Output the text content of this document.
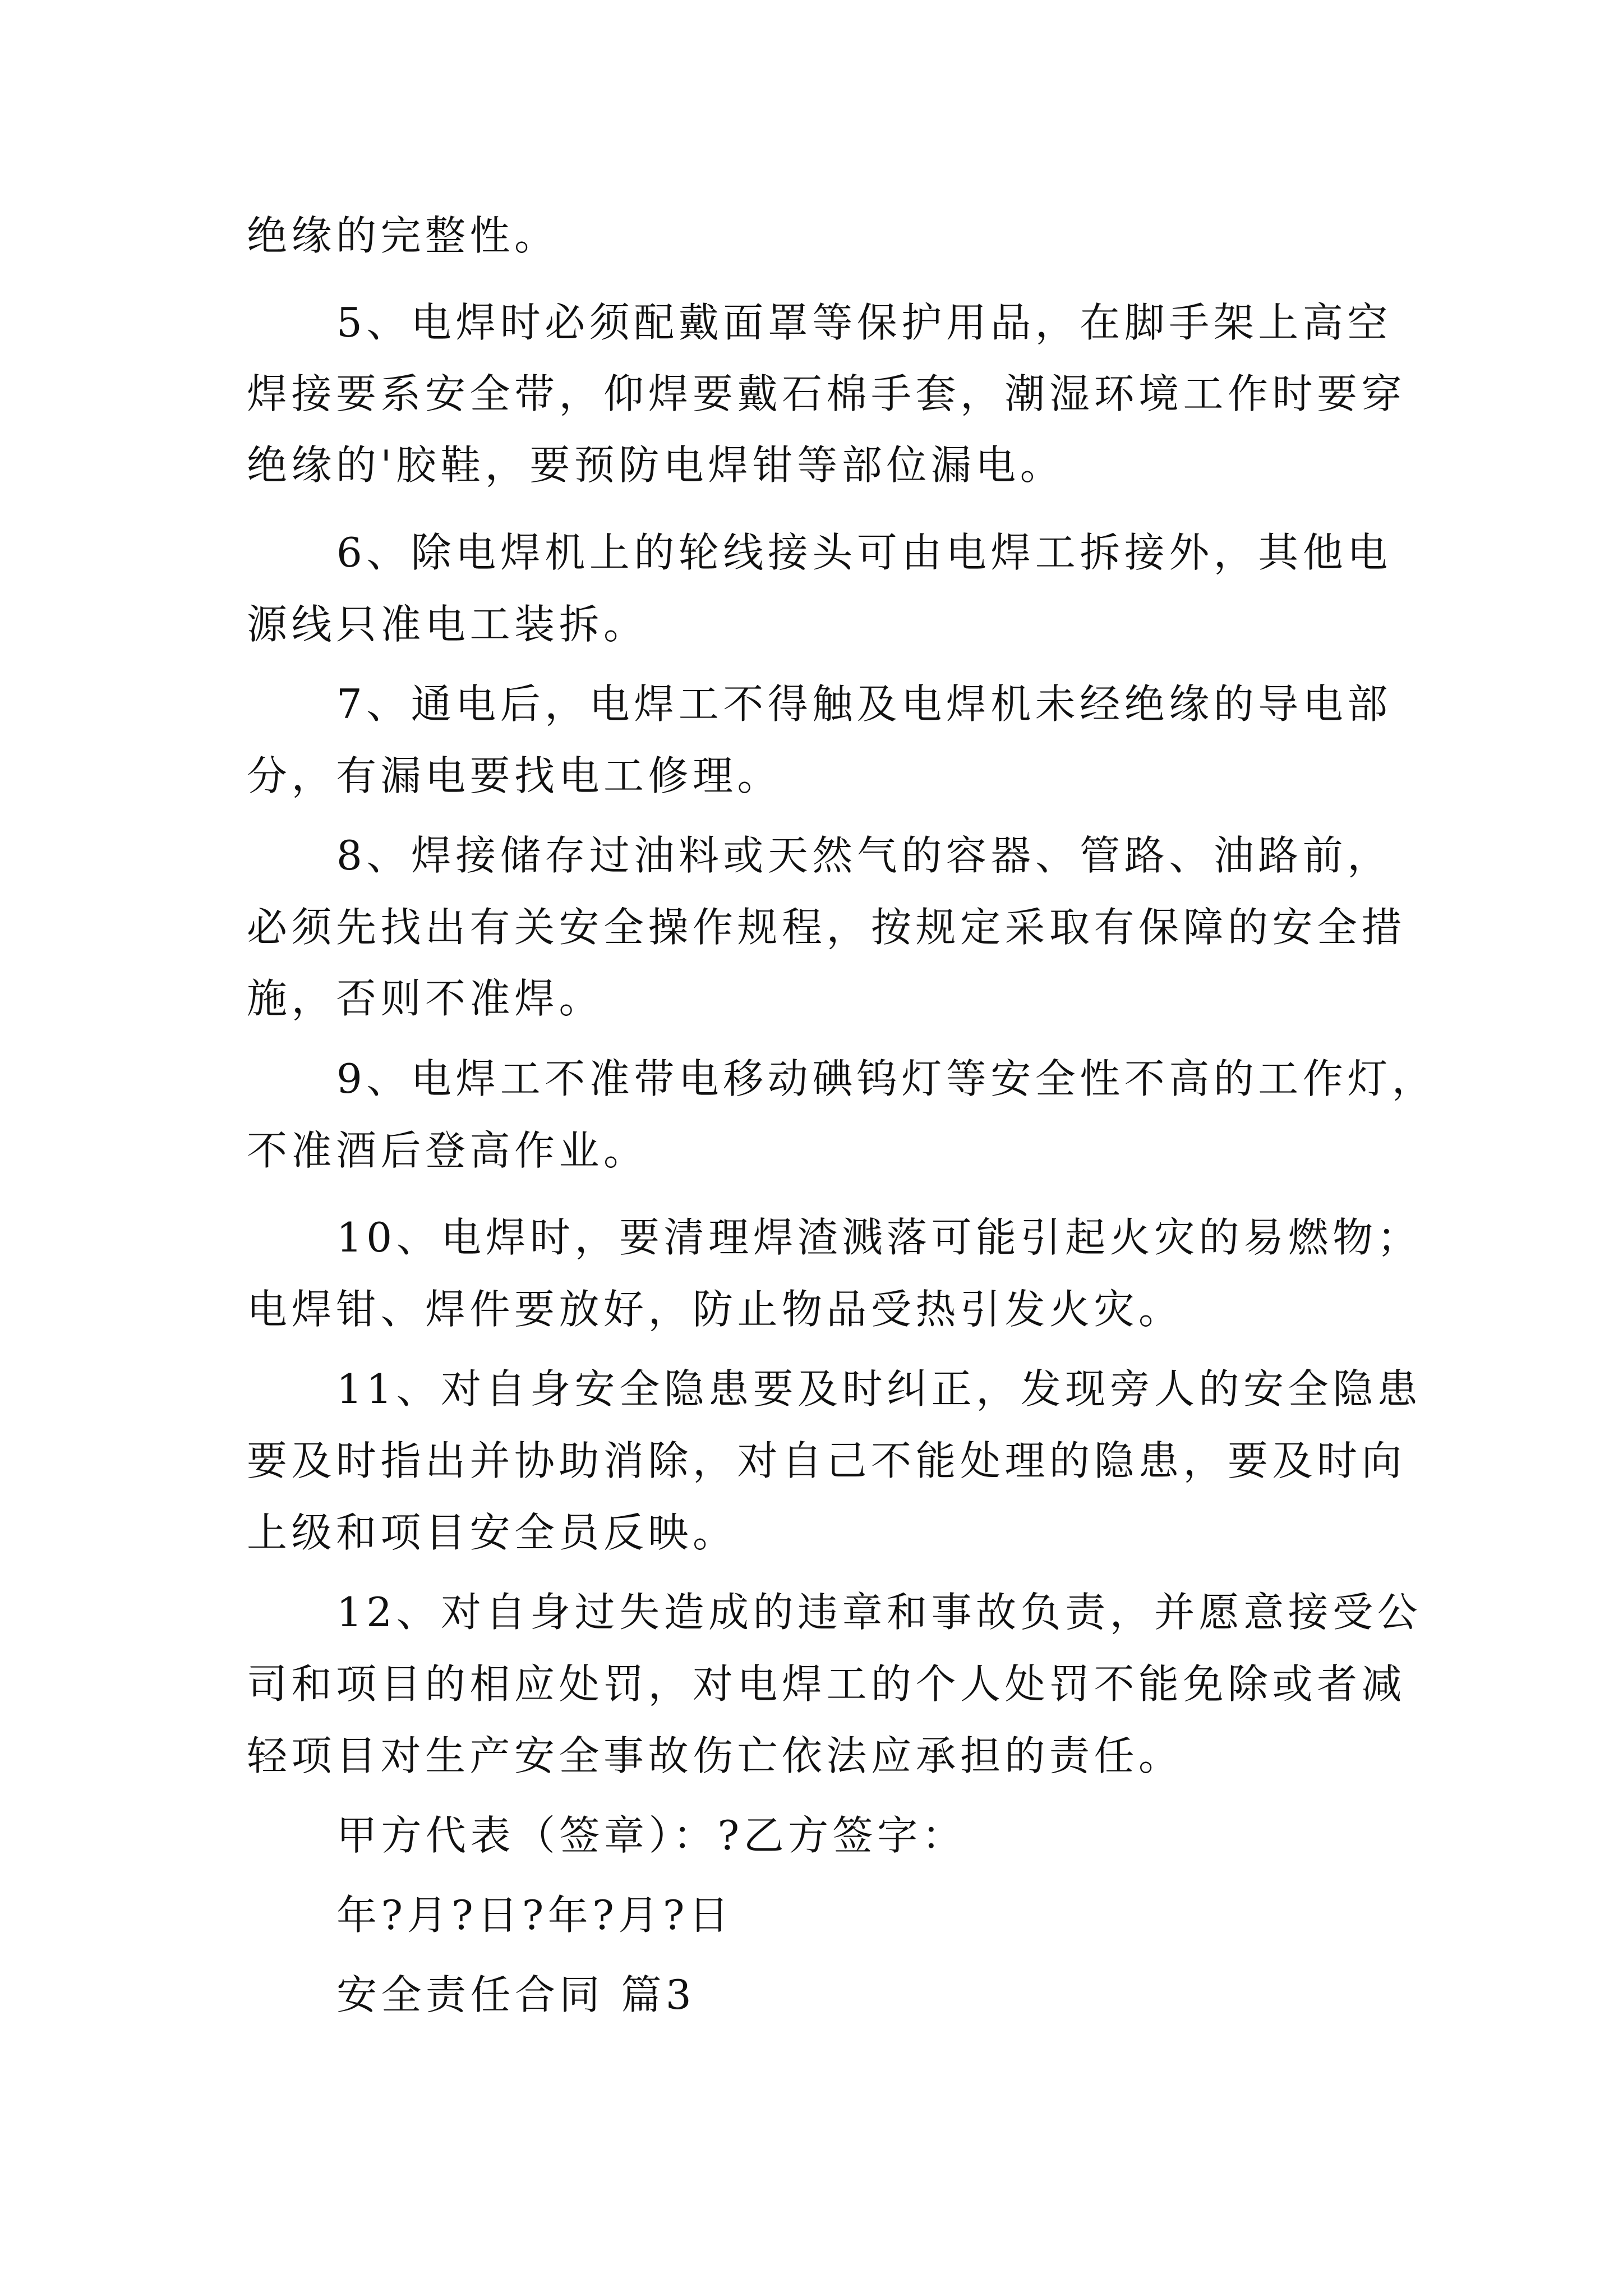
绝缘的完整性。
5、电焊时必须配戴面罩等保护用品，在脚手架上高空
焊接要系安全带，仰焊要戴石棉手套，潮湿环境工作时要穿
绝缘的'胶鞋，要预防电焊钳等部位漏电。
6、除电焊机上的轮线接头可由电焊工拆接外，其他电
源线只准电工装拆。
7、通电后，电焊工不得触及电焊机未经绝缘的导电部
分，有漏电要找电工修理。
8、焊接储存过油料或天然气的容器、管路、油路前，
必须先找出有关安全操作规程，按规定采取有保障的安全措
施，否则不准焊。
9、电焊工不准带电移动碘钨灯等安全性不高的工作灯，
不准酒后登高作业。
10、电焊时，要清理焊渣溅落可能引起火灾的易燃物；
电焊钳、焊件要放好，防止物品受热引发火灾。
11、对自身安全隐患要及时纠正，发现旁人的安全隐患
要及时指出并协助消除，对自己不能处理的隐患，要及时向
上级和项目安全员反映。
12、对自身过失造成的违章和事故负责，并愿意接受公
司和项目的相应处罚，对电焊工的个人处罚不能免除或者减
轻项目对生产安全事故伤亡依法应承担的责任。
甲方代表（签章）：?乙方签字：
年?月?日?年?月?日
安全责任合同 篇3
